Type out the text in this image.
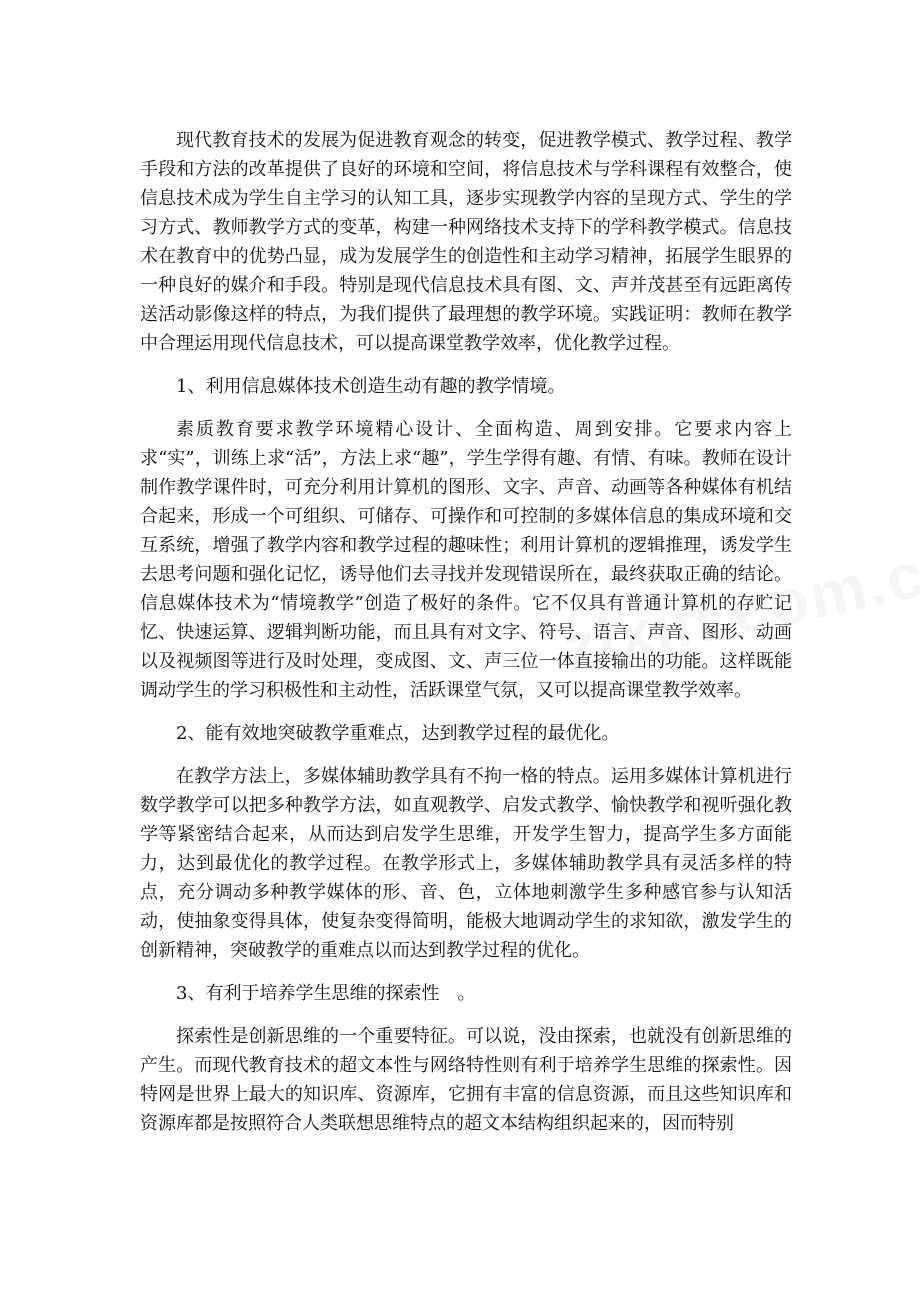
现代教育技术的发展为促进教育观念的转变，促进教学模式、教学过程、教学手段和方法的改革提供了良好的环境和空间，将信息技术与学科课程有效整合，使信息技术成为学生自主学习的认知工具，逐步实现教学内容的呈现方式、学生的学习方式、教师教学方式的变革，构建一种网络技术支持下的学科教学模式。信息技术在教育中的优势凸显，成为发展学生的创造性和主动学习精神，拓展学生眼界的一种良好的媒介和手段。特别是现代信息技术具有图、文、声并茂甚至有远距离传送活动影像这样的特点，为我们提供了最理想的教学环境。实践证明：教师在教学中合理运用现代信息技术，可以提高课堂教学效率，优化教学过程。

1、利用信息媒体技术创造生动有趣的教学情境。

素质教育要求教学环境精心设计、全面构造、周到安排。它要求内容上求“实”，训练上求“活”，方法上求“趣”，学生学得有趣、有情、有味。教师在设计制作教学课件时，可充分利用计算机的图形、文字、声音、动画等各种媒体有机结合起来，形成一个可组织、可储存、可操作和可控制的多媒体信息的集成环境和交互系统，增强了教学内容和教学过程的趣味性；利用计算机的逻辑推理，诱发学生去思考问题和强化记忆，诱导他们去寻找并发现错误所在，最终获取正确的结论。信息媒体技术为“情境教学”创造了极好的条件。它不仅具有普通计算机的存贮记忆、快速运算、逻辑判断功能，而且具有对文字、符号、语言、声音、图形、动画以及视频图等进行及时处理，变成图、文、声三位一体直接输出的功能。这样既能调动学生的学习积极性和主动性，活跃课堂气氛，又可以提高课堂教学效率。

2、能有效地突破教学重难点，达到教学过程的最优化。

在教学方法上，多媒体辅助教学具有不拘一格的特点。运用多媒体计算机进行数学教学可以把多种教学方法，如直观教学、启发式教学、愉快教学和视听强化教学等紧密结合起来，从而达到启发学生思维，开发学生智力，提高学生多方面能力，达到最优化的教学过程。在教学形式上，多媒体辅助教学具有灵活多样的特点，充分调动多种教学媒体的形、音、色，立体地刺激学生多种感官参与认知活动，使抽象变得具体，使复杂变得简明，能极大地调动学生的求知欲，激发学生的创新精神，突破教学的重难点以而达到教学过程的优化。

3、有利于培养学生思维的探索性　。

探索性是创新思维的一个重要特征。可以说，没由探索，也就没有创新思维的产生。而现代教育技术的超文本性与网络特性则有利于培养学生思维的探索性。因特网是世界上最大的知识库、资源库，它拥有丰富的信息资源，而且这些知识库和资源库都是按照符合人类联想思维特点的超文本结构组织起来的，因而特别
